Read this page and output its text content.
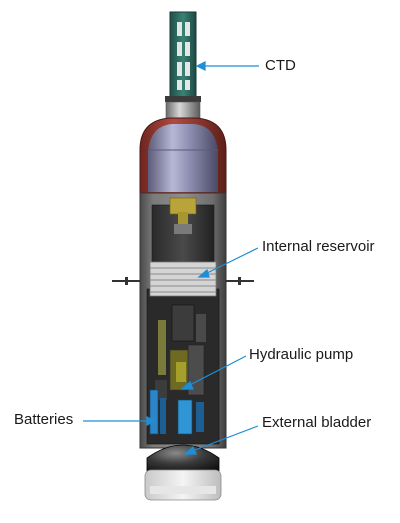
CTD
Internal reservoir
Hydraulic pump
Batteries	External bladder
